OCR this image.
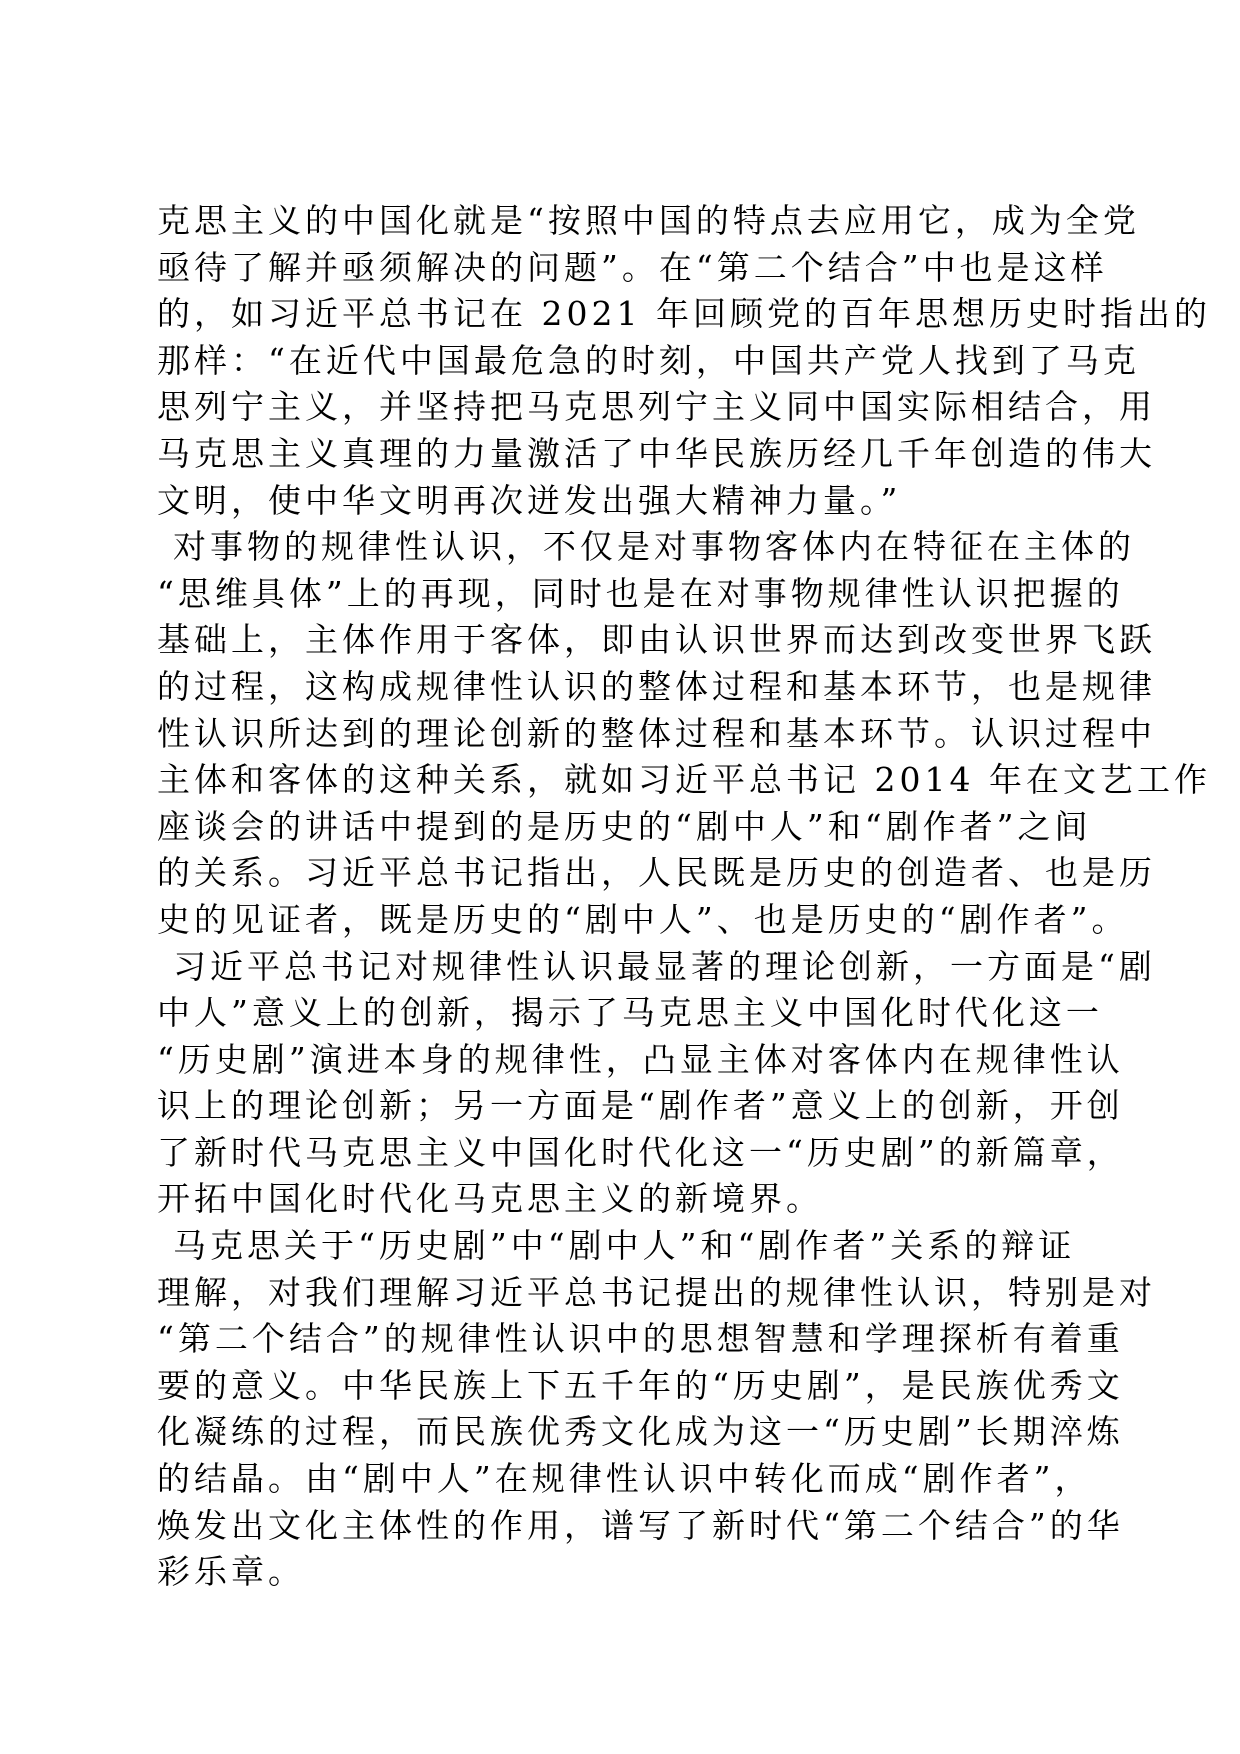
克思主义的中国化就是“按照中国的特点去应用它，成为全党
亟待了解并亟须解决的问题”。在“第二个结合”中也是这样
的，如习近平总书记在 2021 年回顾党的百年思想历史时指出的
那样：“在近代中国最危急的时刻，中国共产党人找到了马克
思列宁主义，并坚持把马克思列宁主义同中国实际相结合，用
马克思主义真理的力量激活了中华民族历经几千年创造的伟大
文明，使中华文明再次迸发出强大精神力量。”
对事物的规律性认识，不仅是对事物客体内在特征在主体的
“思维具体”上的再现，同时也是在对事物规律性认识把握的
基础上，主体作用于客体，即由认识世界而达到改变世界飞跃
的过程，这构成规律性认识的整体过程和基本环节，也是规律
性认识所达到的理论创新的整体过程和基本环节。认识过程中
主体和客体的这种关系，就如习近平总书记 2014 年在文艺工作
座谈会的讲话中提到的是历史的“剧中人”和“剧作者”之间
的关系。习近平总书记指出，人民既是历史的创造者、也是历
史的见证者，既是历史的“剧中人”、也是历史的“剧作者”。
习近平总书记对规律性认识最显著的理论创新，一方面是“剧
中人”意义上的创新，揭示了马克思主义中国化时代化这一
“历史剧”演进本身的规律性，凸显主体对客体内在规律性认
识上的理论创新；另一方面是“剧作者”意义上的创新，开创
了新时代马克思主义中国化时代化这一“历史剧”的新篇章，
开拓中国化时代化马克思主义的新境界。
马克思关于“历史剧”中“剧中人”和“剧作者”关系的辩证
理解，对我们理解习近平总书记提出的规律性认识，特别是对
“第二个结合”的规律性认识中的思想智慧和学理探析有着重
要的意义。中华民族上下五千年的“历史剧”，是民族优秀文
化凝练的过程，而民族优秀文化成为这一“历史剧”长期淬炼
的结晶。由“剧中人”在规律性认识中转化而成“剧作者”，
焕发出文化主体性的作用，谱写了新时代“第二个结合”的华
彩乐章。
